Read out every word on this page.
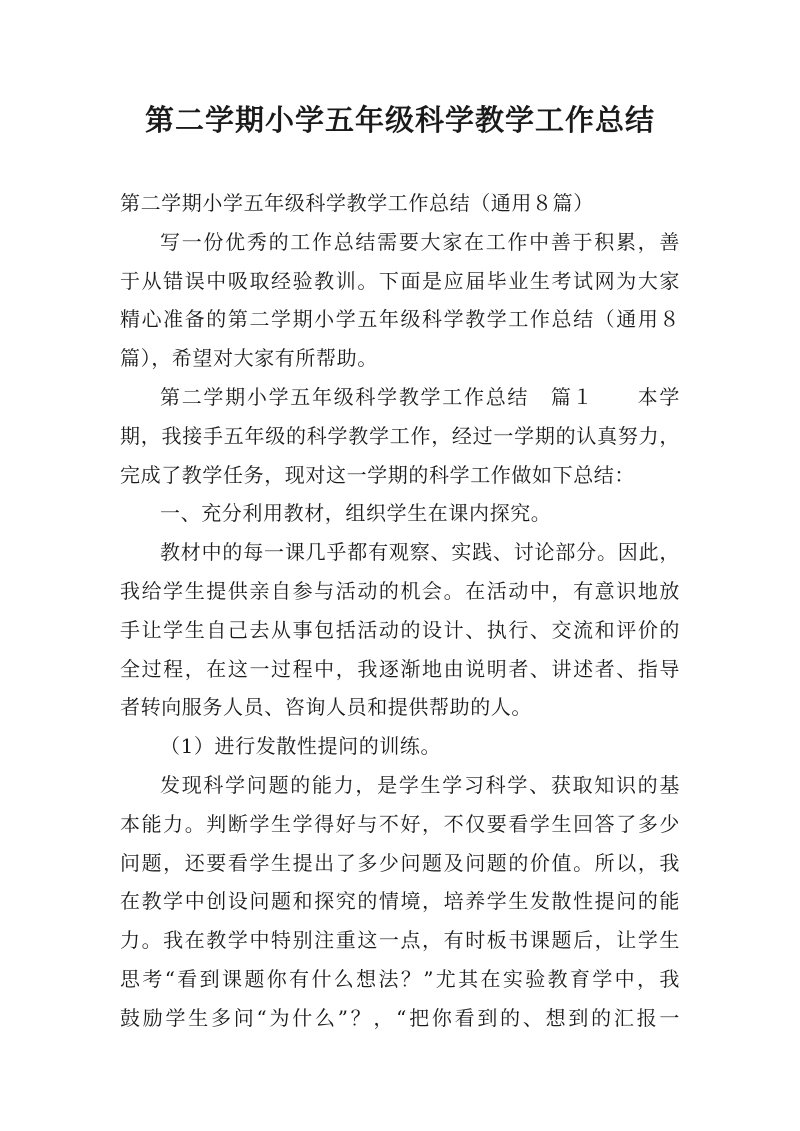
第二学期小学五年级科学教学工作总结
第二学期小学五年级科学教学工作总结（通用８篇）
写一份优秀的工作总结需要大家在工作中善于积累，善
于从错误中吸取经验教训。下面是应届毕业生考试网为大家
精心准备的第二学期小学五年级科学教学工作总结（通用８
篇），希望对大家有所帮助。
第二学期小学五年级科学教学工作总结　篇１　　本学
期，我接手五年级的科学教学工作，经过一学期的认真努力，
完成了教学任务，现对这一学期的科学工作做如下总结：
一、充分利用教材，组织学生在课内探究。
教材中的每一课几乎都有观察、实践、讨论部分。因此，
我给学生提供亲自参与活动的机会。在活动中，有意识地放
手让学生自己去从事包括活动的设计、执行、交流和评价的
全过程，在这一过程中，我逐渐地由说明者、讲述者、指导
者转向服务人员、咨询人员和提供帮助的人。
（1）进行发散性提问的训练。
发现科学问题的能力，是学生学习科学、获取知识的基
本能力。判断学生学得好与不好，不仅要看学生回答了多少
问题，还要看学生提出了多少问题及问题的价值。所以，我
在教学中创设问题和探究的情境，培养学生发散性提问的能
力。我在教学中特别注重这一点，有时板书课题后，让学生
思考“看到课题你有什么想法？”尤其在实验教育学中，我
鼓励学生多问“为什么”？，“把你看到的、想到的汇报一
